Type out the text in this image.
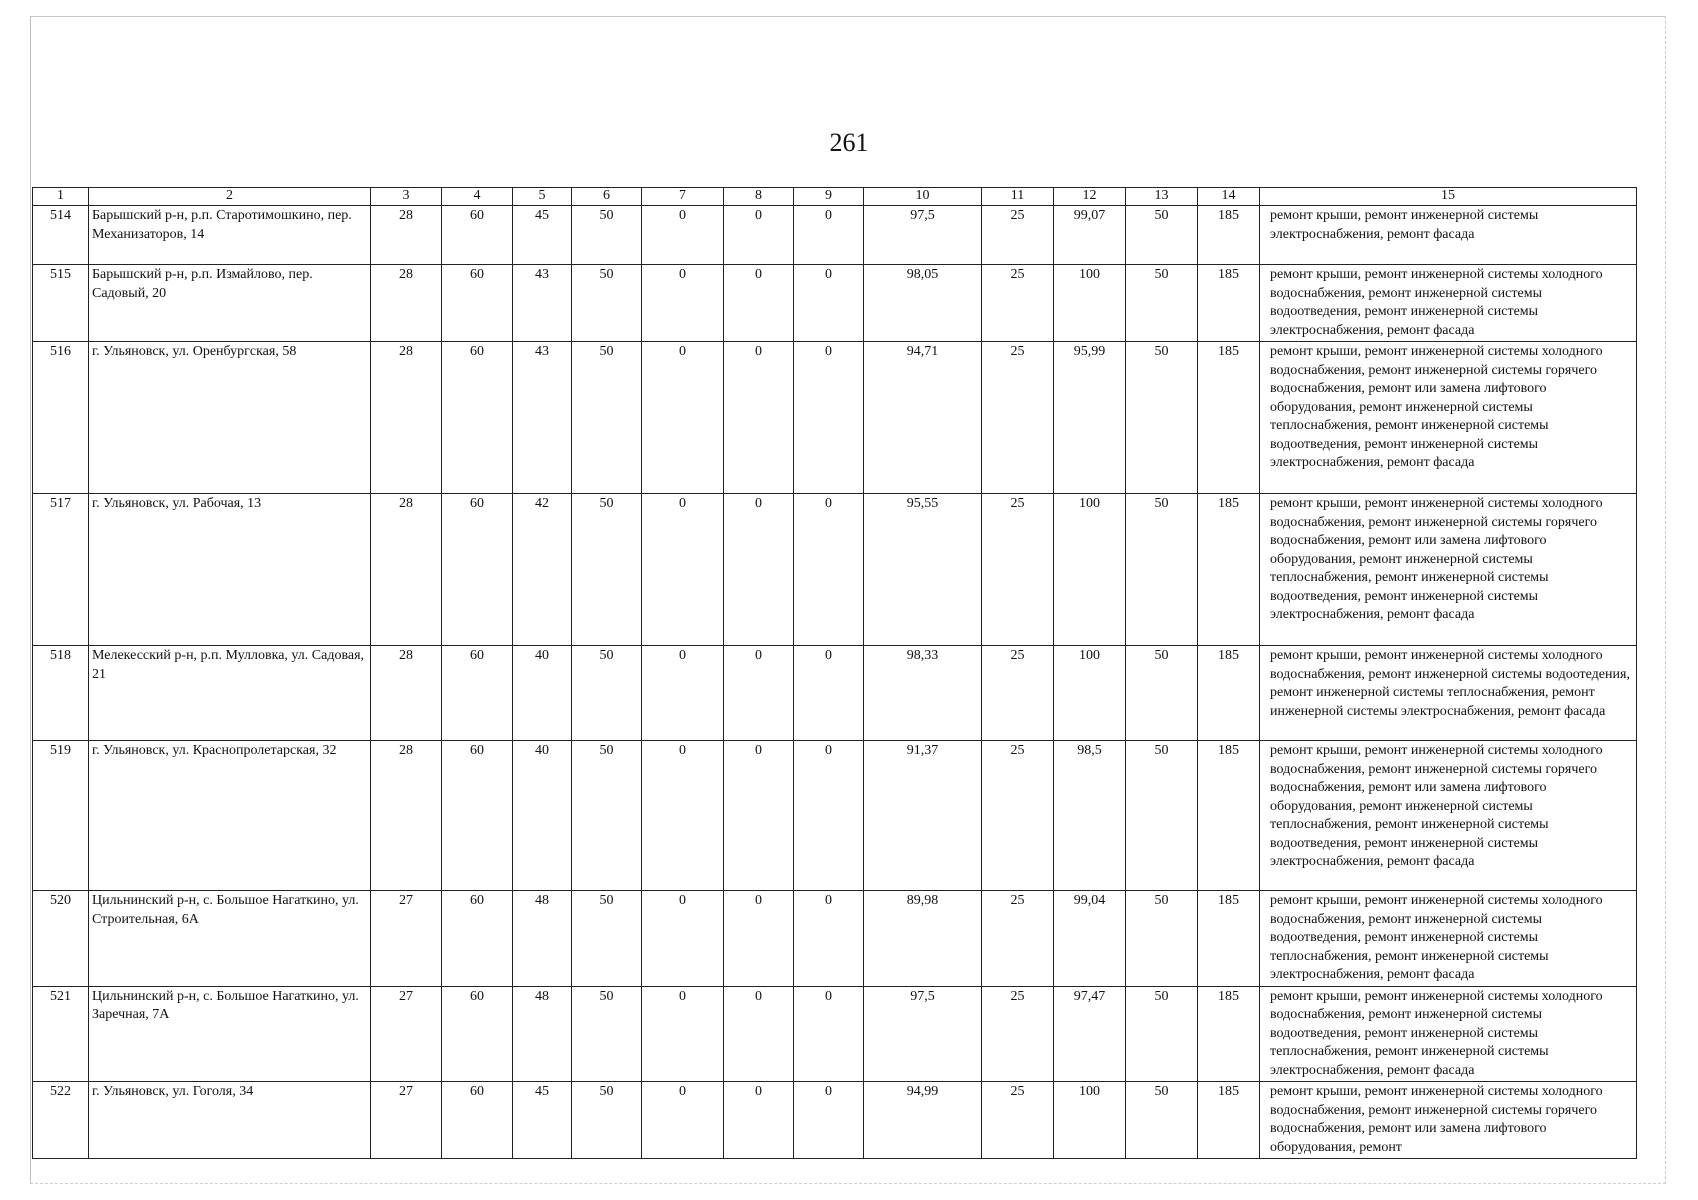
261
1	2	3	4	5	6	7	8	9	10	11	12	13	14	15
514	Барышский р-н, р.п. Старотимошкино, пер. Механизаторов, 14	28	60	45	50	0	0	0	97,5	25	99,07	50	185	ремонт крыши, ремонт инженерной системы электроснабжения, ремонт фасада
515	Барышский р-н, р.п. Измайлово, пер. Садовый, 20	28	60	43	50	0	0	0	98,05	25	100	50	185	ремонт крыши, ремонт инженерной системы холодного водоснабжения, ремонт инженерной системы водоотведения, ремонт инженерной системы электроснабжения, ремонт фасада
516	г. Ульяновск, ул. Оренбургская, 58	28	60	43	50	0	0	0	94,71	25	95,99	50	185	ремонт крыши, ремонт инженерной системы холодного водоснабжения, ремонт инженерной системы горячего водоснабжения, ремонт или замена лифтового оборудования, ремонт инженерной системы теплоснабжения, ремонт инженерной системы водоотведения, ремонт инженерной системы электроснабжения, ремонт фасада
517	г. Ульяновск, ул. Рабочая, 13	28	60	42	50	0	0	0	95,55	25	100	50	185	ремонт крыши, ремонт инженерной системы холодного водоснабжения, ремонт инженерной системы горячего водоснабжения, ремонт или замена лифтового оборудования, ремонт инженерной системы теплоснабжения, ремонт инженерной системы водоотведения, ремонт инженерной системы электроснабжения, ремонт фасада
518	Мелекесский р-н, р.п. Мулловка, ул. Садовая, 21	28	60	40	50	0	0	0	98,33	25	100	50	185	ремонт крыши, ремонт инженерной системы холодного водоснабжения, ремонт инженерной системы водоотедения, ремонт инженерной системы теплоснабжения, ремонт инженерной системы электроснабжения, ремонт фасада
519	г. Ульяновск, ул. Краснопролетарская, 32	28	60	40	50	0	0	0	91,37	25	98,5	50	185	ремонт крыши, ремонт инженерной системы холодного водоснабжения, ремонт инженерной системы горячего водоснабжения, ремонт или замена лифтового оборудования, ремонт инженерной системы теплоснабжения, ремонт инженерной системы водоотведения, ремонт инженерной системы электроснабжения, ремонт фасада
520	Цильнинский р-н, с. Большое Нагаткино, ул. Строительная, 6А	27	60	48	50	0	0	0	89,98	25	99,04	50	185	ремонт крыши, ремонт инженерной системы холодного водоснабжения, ремонт инженерной системы водоотведения, ремонт инженерной системы теплоснабжения, ремонт инженерной системы электроснабжения, ремонт фасада
521	Цильнинский р-н, с. Большое Нагаткино, ул. Заречная, 7А	27	60	48	50	0	0	0	97,5	25	97,47	50	185	ремонт крыши, ремонт инженерной системы холодного водоснабжения, ремонт инженерной системы водоотведения, ремонт инженерной системы теплоснабжения, ремонт инженерной системы электроснабжения, ремонт фасада
522	г. Ульяновск, ул. Гоголя, 34	27	60	45	50	0	0	0	94,99	25	100	50	185	ремонт крыши, ремонт инженерной системы холодного водоснабжения, ремонт инженерной системы горячего водоснабжения, ремонт или замена лифтового оборудования, ремонт
